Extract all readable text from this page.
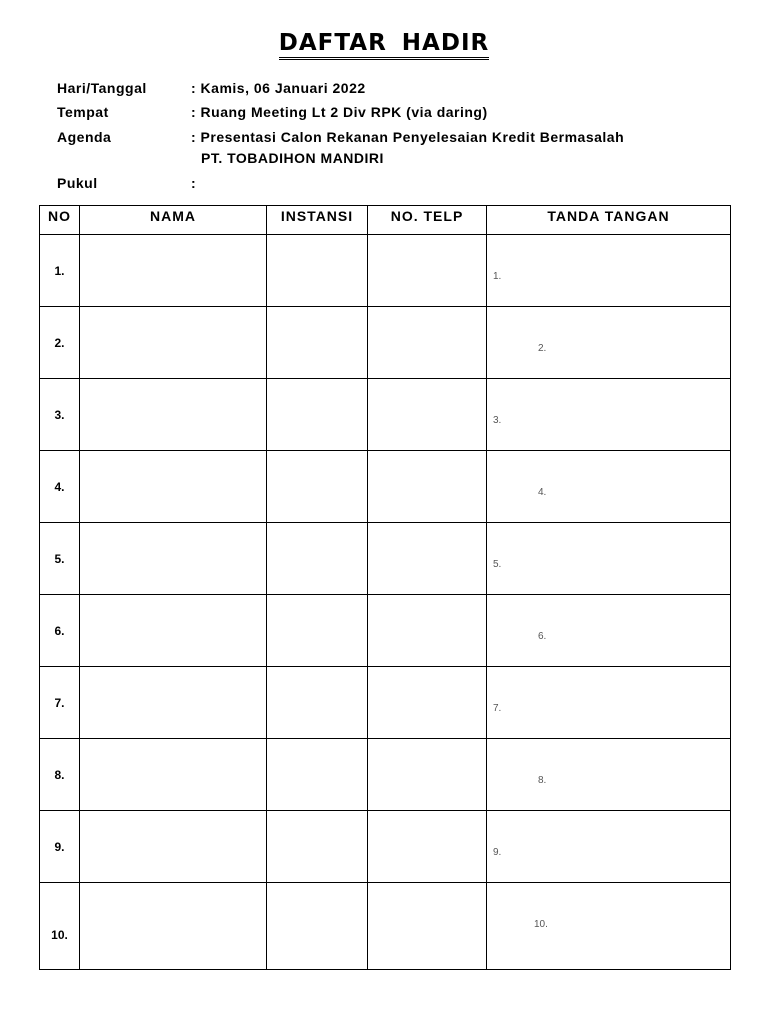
DAFTAR HADIR
Hari/Tanggal	: Kamis, 06 Januari 2022
Tempat	: Ruang Meeting Lt 2 Div RPK (via daring)
Agenda	: Presentasi Calon Rekanan Penyelesaian Kredit Bermasalah
PT. TOBADIHON MANDIRI
Pukul	:
NO	NAMA	INSTANSI	NO. TELP	TANDA TANGAN
1.				1.

2.				2.

3.				3.

4.				4.

5.				5.

6.				6.

7.				7.

8.				8.

9.				9.

10.				10.
